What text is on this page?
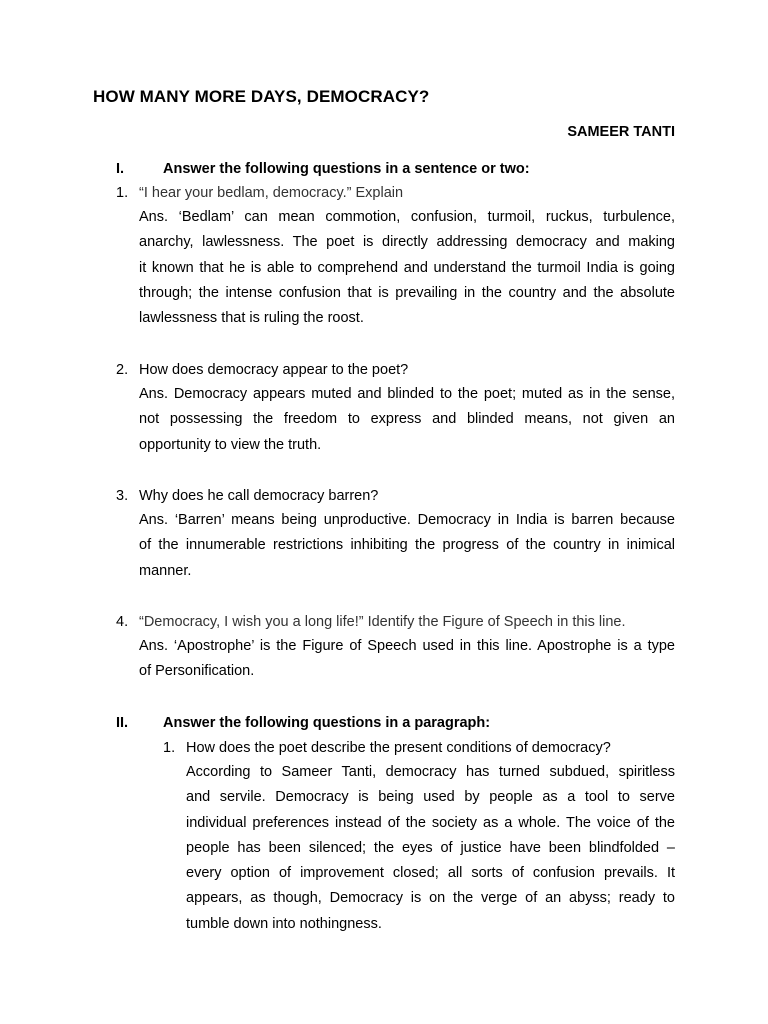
HOW MANY MORE DAYS, DEMOCRACY?
SAMEER TANTI
I.	Answer the following questions in a sentence or two:
1. “I hear your bedlam, democracy.” Explain
Ans. ‘Bedlam’ can mean commotion, confusion, turmoil, ruckus, turbulence,
anarchy, lawlessness. The poet is directly addressing democracy and making
it known that he is able to comprehend and understand the turmoil India is going
through; the intense confusion that is prevailing in the country and the absolute
lawlessness that is ruling the roost.
2. How does democracy appear to the poet?
Ans. Democracy appears muted and blinded to the poet; muted as in the sense,
not possessing the freedom to express and blinded means, not given an
opportunity to view the truth.
3. Why does he call democracy barren?
Ans. ‘Barren’ means being unproductive. Democracy in India is barren because
of the innumerable restrictions inhibiting the progress of the country in inimical
manner.
4. “Democracy, I wish you a long life!” Identify the Figure of Speech in this line.
Ans. ‘Apostrophe’ is the Figure of Speech used in this line. Apostrophe is a type
of Personification.
II. Answer the following questions in a paragraph:
1. How does the poet describe the present conditions of democracy?
According to Sameer Tanti, democracy has turned subdued, spiritless
and servile. Democracy is being used by people as a tool to serve
individual preferences instead of the society as a whole. The voice of the
people has been silenced; the eyes of justice have been blindfolded –
every option of improvement closed; all sorts of confusion prevails. It
appears, as though, Democracy is on the verge of an abyss; ready to
tumble down into nothingness.
